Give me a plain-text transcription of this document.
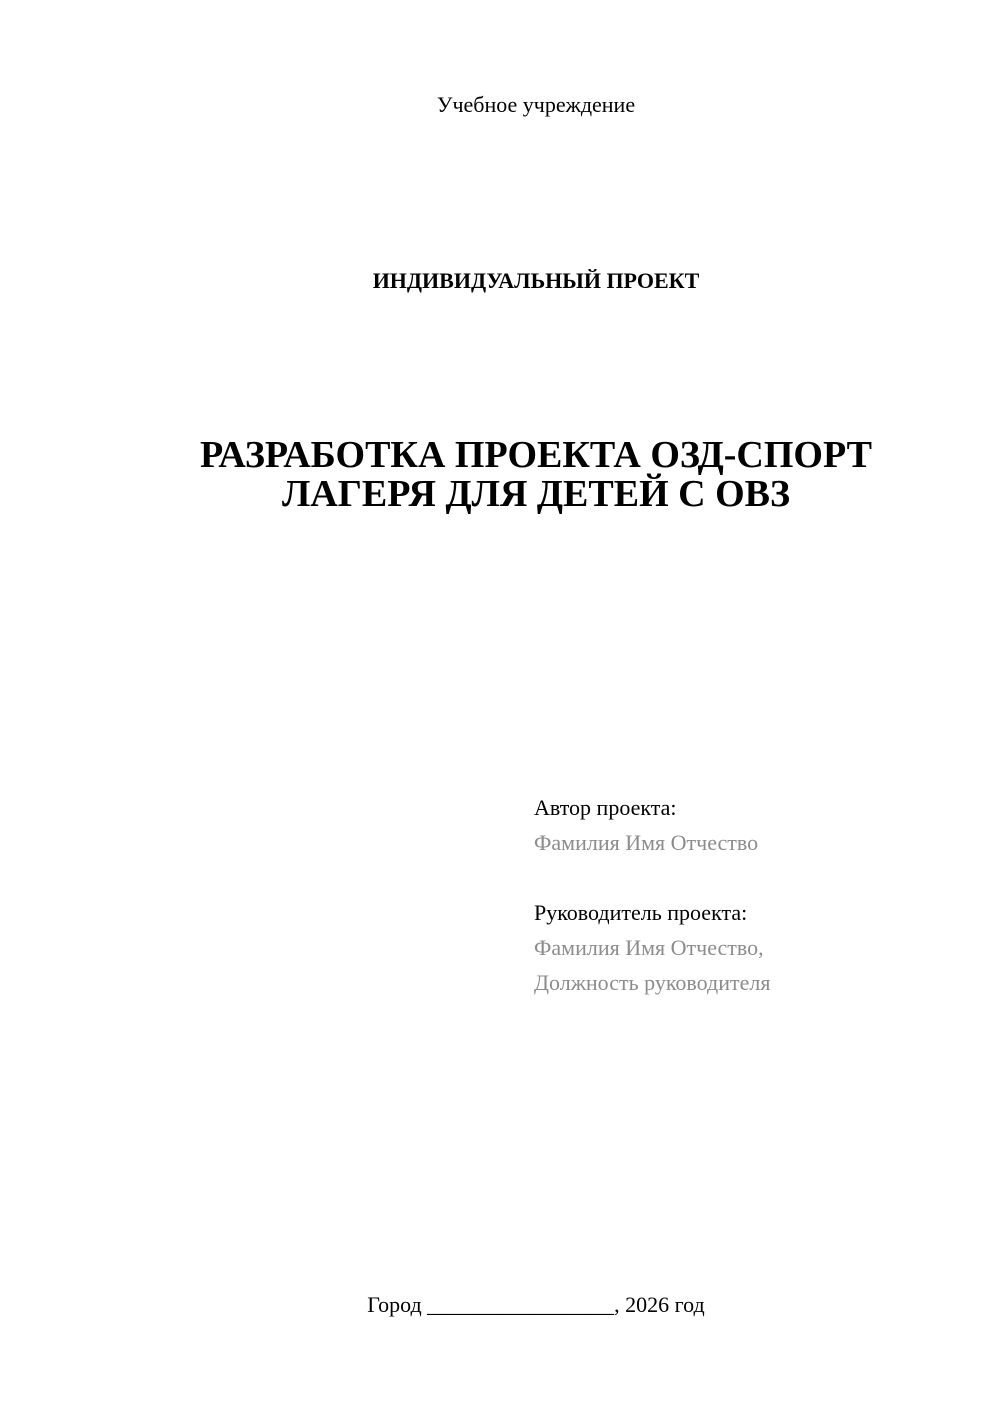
Учебное учреждение
ИНДИВИДУАЛЬНЫЙ ПРОЕКТ
РАЗРАБОТКА ПРОЕКТА ОЗД-СПОРТ
ЛАГЕРЯ ДЛЯ ДЕТЕЙ С ОВЗ
Автор проекта:
Фамилия Имя Отчество
Руководитель проекта:
Фамилия Имя Отчество,
Должность руководителя
Город _________________, 2026 год
